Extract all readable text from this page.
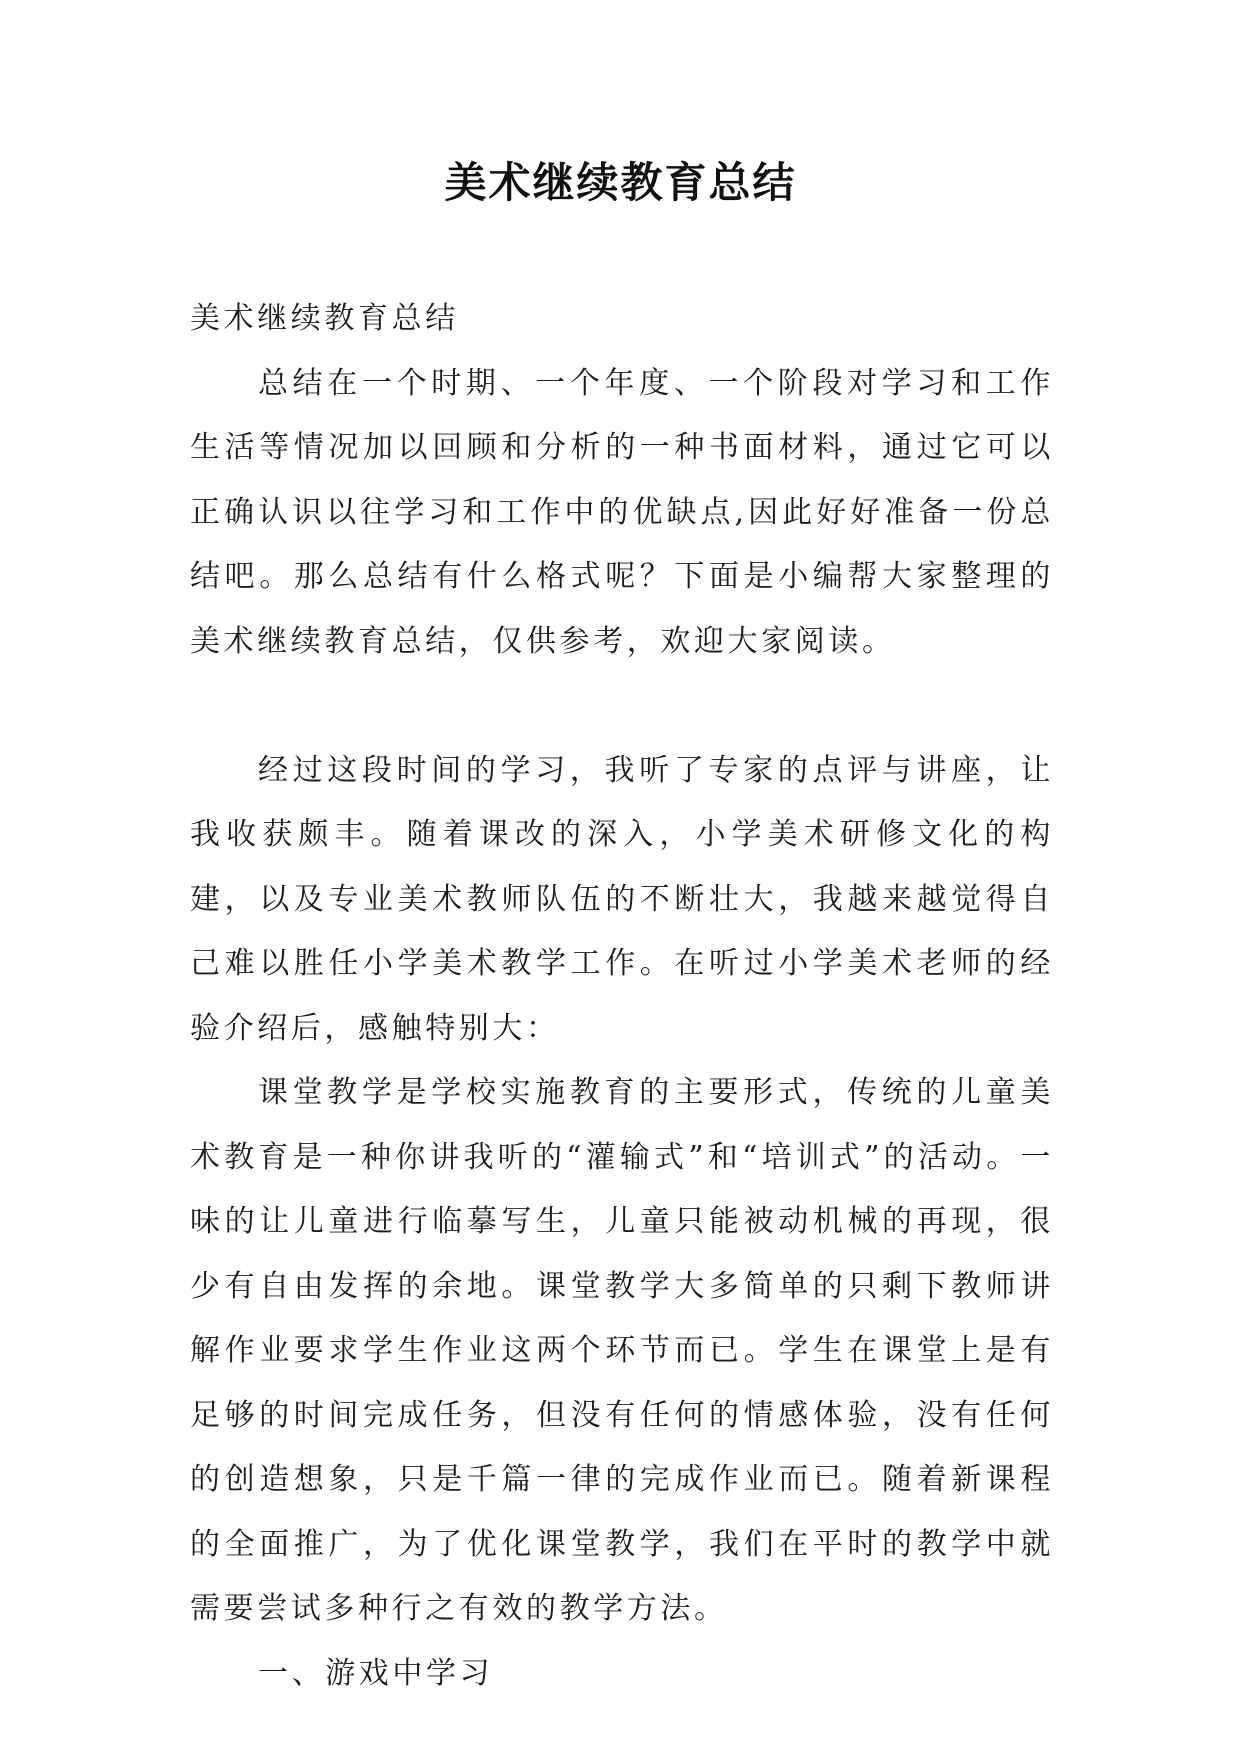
美术继续教育总结

美术继续教育总结

总结在一个时期、一个年度、一个阶段对学习和工作生活等情况加以回顾和分析的一种书面材料，通过它可以正确认识以往学习和工作中的优缺点,因此好好准备一份总结吧。那么总结有什么格式呢？下面是小编帮大家整理的美术继续教育总结，仅供参考，欢迎大家阅读。

经过这段时间的学习，我听了专家的点评与讲座，让我收获颇丰。随着课改的深入，小学美术研修文化的构建，以及专业美术教师队伍的不断壮大，我越来越觉得自己难以胜任小学美术教学工作。在听过小学美术老师的经验介绍后，感触特别大：

课堂教学是学校实施教育的主要形式，传统的儿童美术教育是一种你讲我听的“灌输式”和“培训式”的活动。一味的让儿童进行临摹写生，儿童只能被动机械的再现，很少有自由发挥的余地。课堂教学大多简单的只剩下教师讲解作业要求学生作业这两个环节而已。学生在课堂上是有足够的时间完成任务，但没有任何的情感体验，没有任何的创造想象，只是千篇一律的完成作业而已。随着新课程的全面推广，为了优化课堂教学，我们在平时的教学中就需要尝试多种行之有效的教学方法。

一、游戏中学习
